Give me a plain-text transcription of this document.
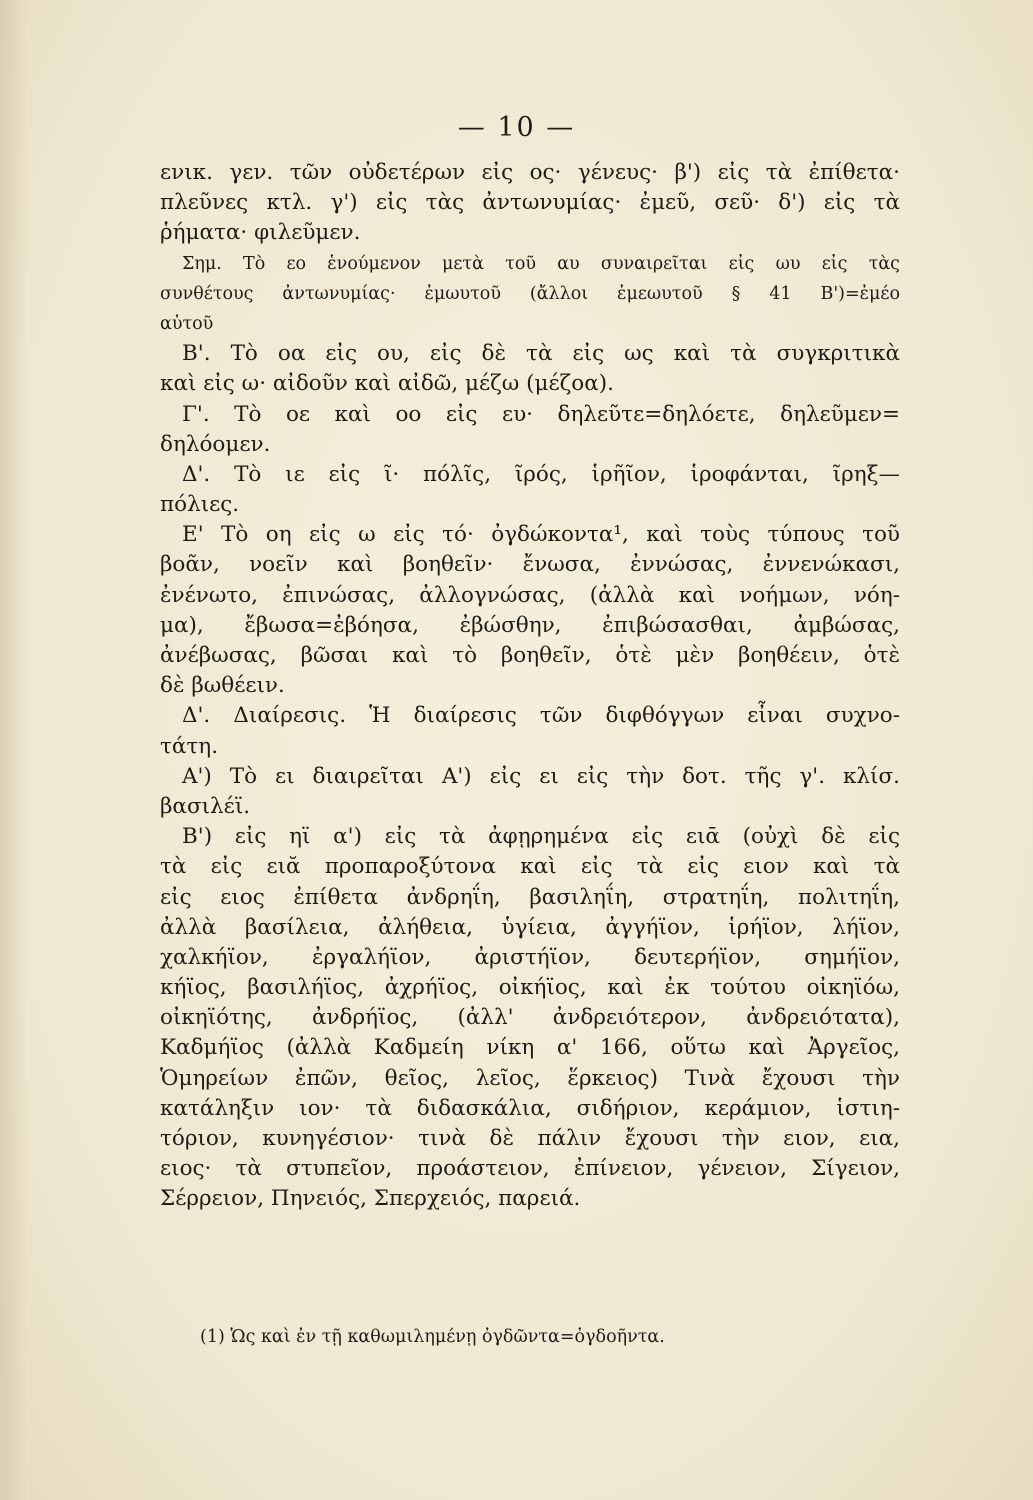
— 10 —
ενικ. γεν. τῶν οὐδετέρων εἰς ος· γένευς· β') εἰς τὰ ἐπίθετα·
πλεῦνες κτλ. γ') εἰς τὰς ἀντωνυμίας· ἐμεῦ, σεῦ· δ') εἰς τὰ
ῥήματα· φιλεῦμεν.
Σημ. Τὸ εο ἑνούμενον μετὰ τοῦ αυ συναιρεῖται εἰς ωυ εἰς τὰς
συνθέτους ἀντωνυμίας· ἐμωυτοῦ (ἄλλοι ἐμεωυτοῦ § 41 Β')=ἐμέο
αὐτοῦ
Β'. Τὸ οα εἰς ου, εἰς δὲ τὰ εἰς ως καὶ τὰ συγκριτικὰ
καὶ εἰς ω· αἰδοῦν καὶ αἰδῶ, μέζω (μέζοα).
Γ'. Τὸ οε καὶ οο εἰς ευ· δηλεῦτε=δηλόετε, δηλεῦμεν=
δηλόομεν.
Δ'. Τὸ ιε εἰς ῖ· πόλῖς, ῖρός, ἱρῆῖον, ἱροφάνται, ῖρηξ—
πόλιες.
Ε' Τὸ οη εἰς ω εἰς τό· ὀγδώκοντα¹, καὶ τοὺς τύπους τοῦ
βοᾶν, νοεῖν καὶ βοηθεῖν· ἔνωσα, ἐννώσας, ἐννενώκασι,
ἐνένωτο, ἐπινώσας, ἀλλογνώσας, (ἀλλὰ καὶ νοήμων, νόη-
μα), ἔβωσα=ἐβόησα, ἐβώσθην, ἐπιβώσασθαι, ἀμβώσας,
ἀνέβωσας, βῶσαι καὶ τὸ βοηθεῖν, ὁτὲ μὲν βοηθέειν, ὁτὲ
δὲ βωθέειν.
Δ'. Διαίρεσις. Ἡ διαίρεσις τῶν διφθόγγων εἶναι συχνο-
τάτη.
Α') Τὸ ει διαιρεῖται Α') εἰς ει εἰς τὴν δοτ. τῆς γ'. κλίσ.
βασιλέϊ.
Β') εἰς ηϊ α') εἰς τὰ ἀφῃρημένα εἰς ειᾱ (οὐχὶ δὲ εἰς
τὰ εἰς ειᾰ προπαροξύτονα καὶ εἰς τὰ εἰς ειον καὶ τὰ
εἰς ειος ἐπίθετα ἀνδρηΐη, βασιληΐη, στρατηΐη, πολιτηΐη,
ἀλλὰ βασίλεια, ἀλήθεια, ὑγίεια, ἀγγήϊον, ἱρήϊον, λήϊον,
χαλκήϊον, ἐργαλήϊον, ἀριστήϊον, δευτερήϊον, σημήϊον,
κήϊος, βασιλήϊος, ἀχρήϊος, οἰκήϊος, καὶ ἐκ τούτου οἰκηϊόω,
οἰκηϊότης, ἀνδρήϊος, (ἀλλ' ἀνδρειότερον, ἀνδρειότατα),
Καδμήϊος (ἀλλὰ Καδμείη νίκη α' 166, οὕτω καὶ Ἀργεῖος,
Ὁμηρείων ἐπῶν, θεῖος, λεῖος, ἕρκειος) Τινὰ ἔχουσι τὴν
κατάληξιν ιον· τὰ διδασκάλια, σιδήριον, κεράμιον, ἱστιη-
τόριον, κυνηγέσιον· τινὰ δὲ πάλιν ἔχουσι τὴν ειον, εια,
ειος· τὰ στυπεῖον, προάστειον, ἐπίνειον, γένειον, Σίγειον,
Σέρρειον, Πηνειός, Σπερχειός, παρειά.
(1) Ὡς καὶ ἐν τῇ καθωμιλημένῃ ὀγδῶντα=ὀγδοῆντα.
